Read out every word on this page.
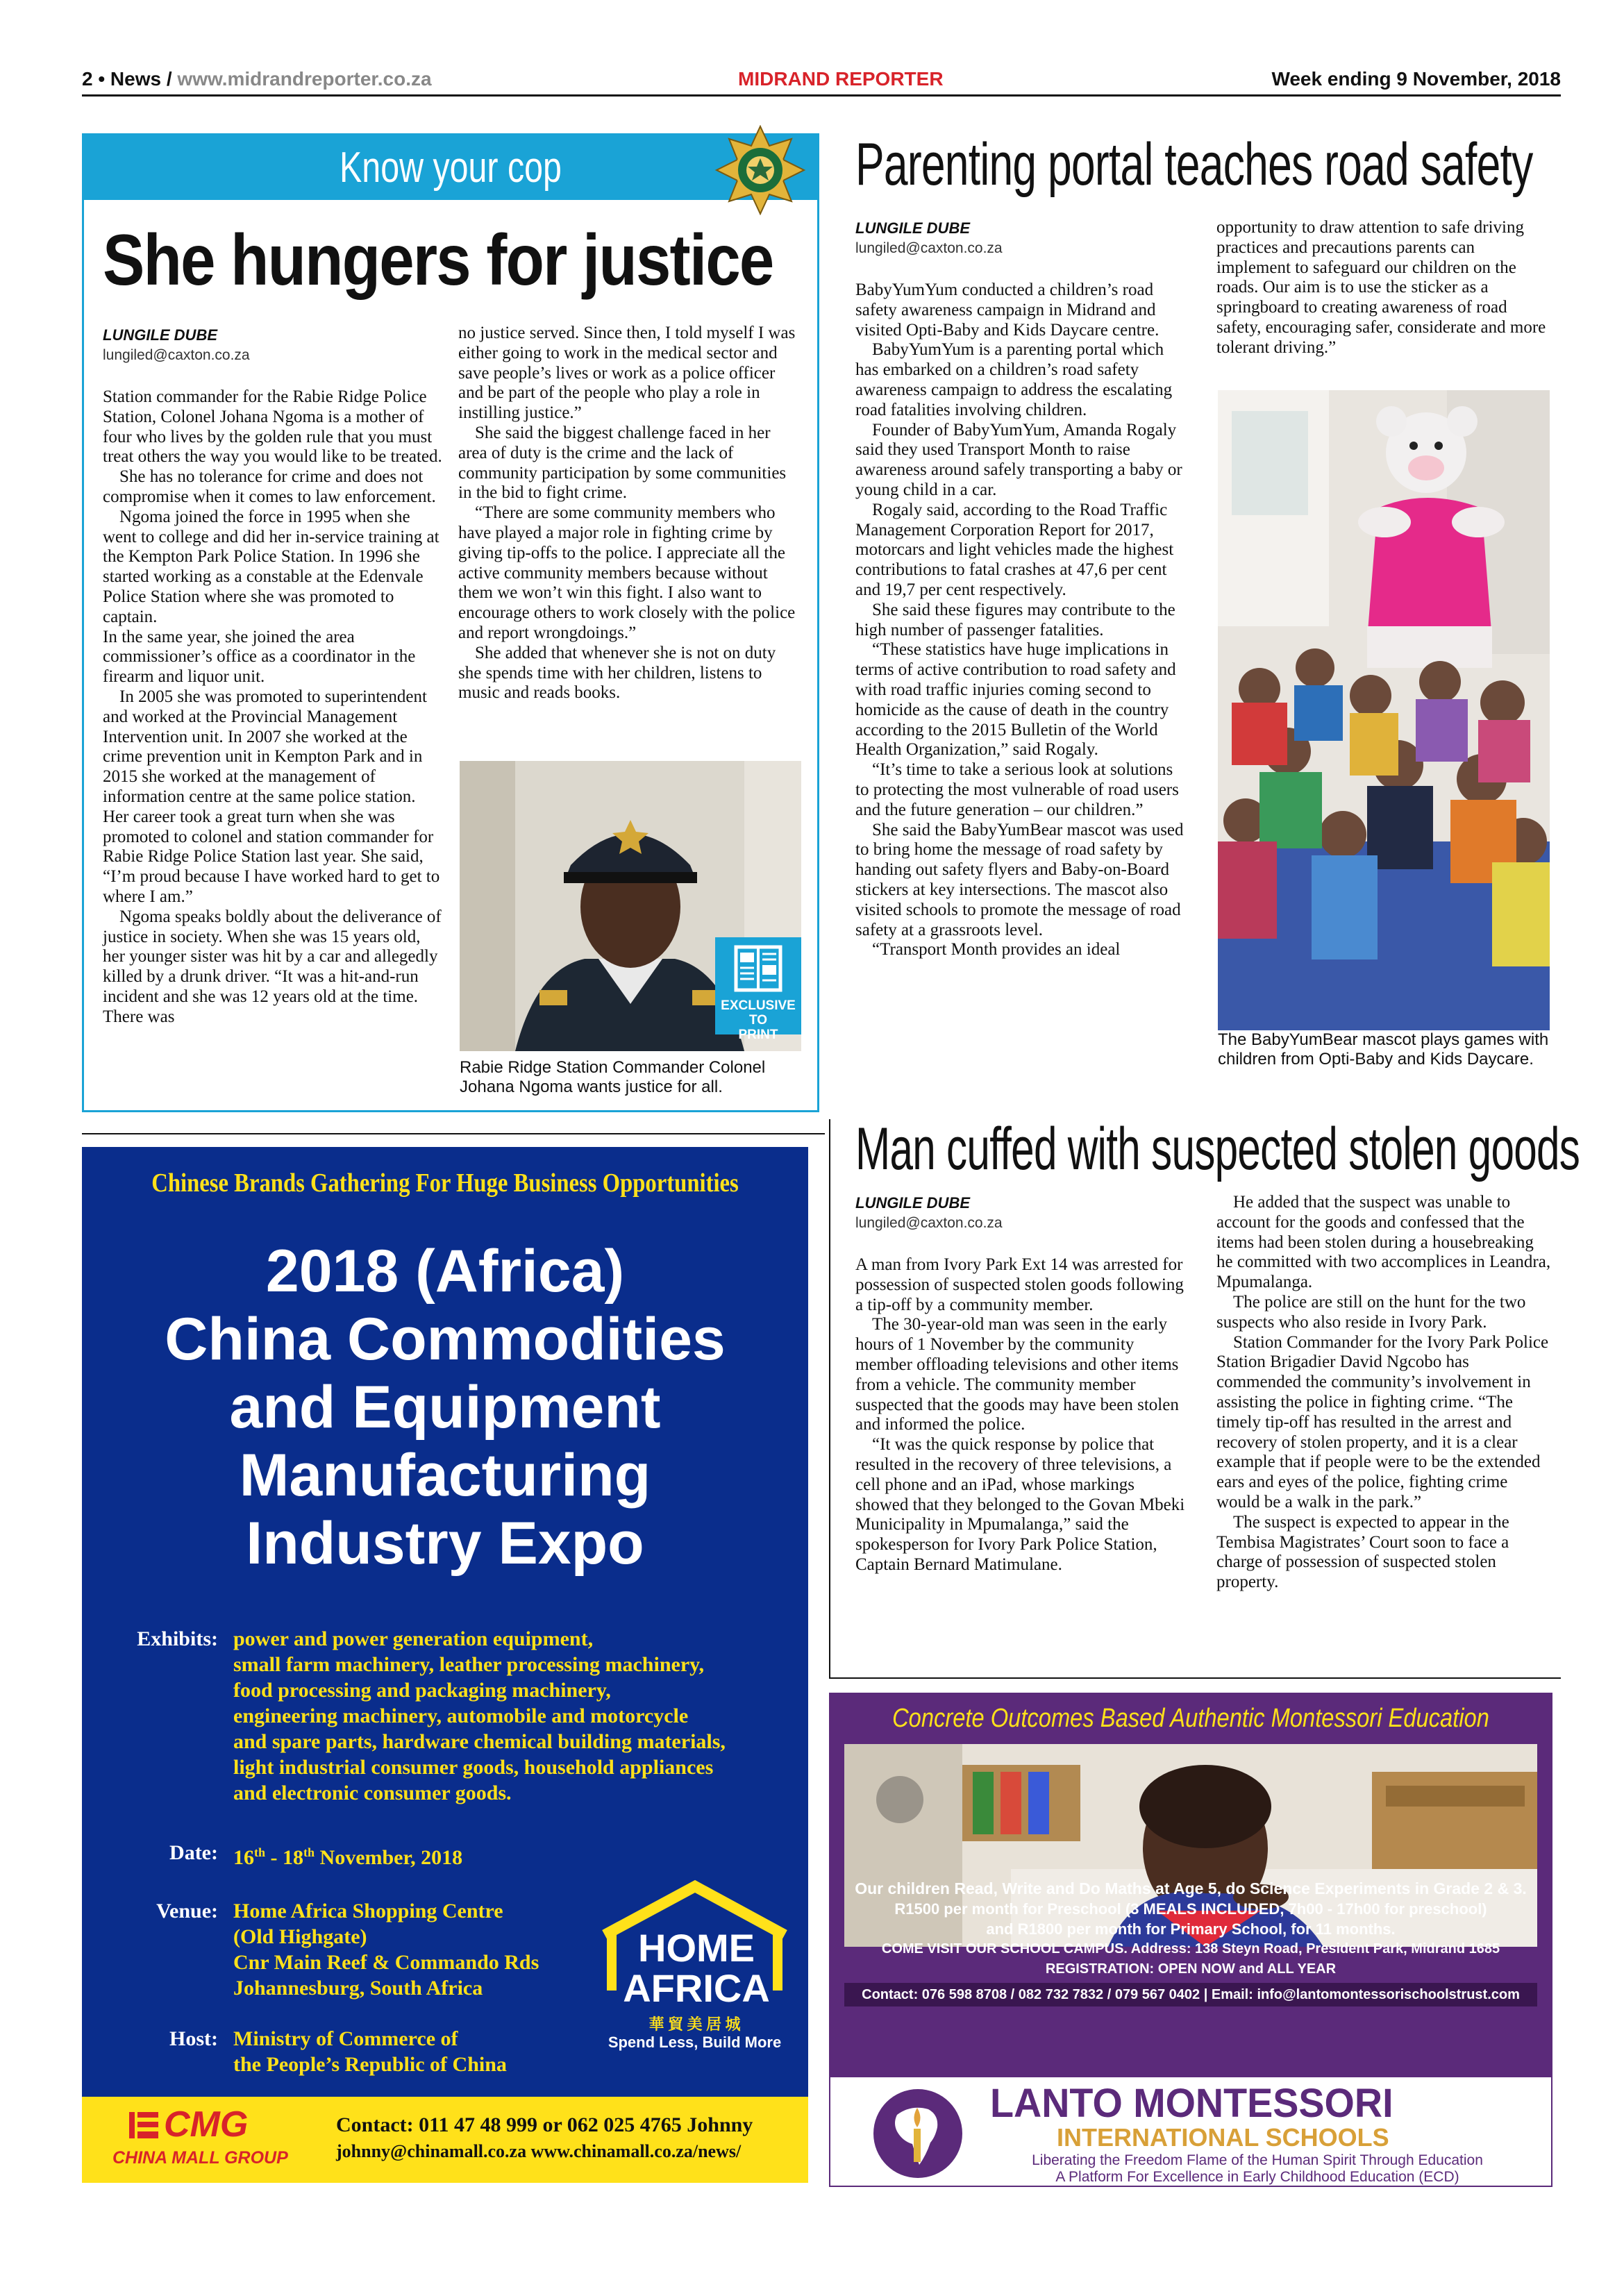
2 • News / www.midrandreporter.co.za	MIDRAND REPORTER	Week ending 9 November, 2018
Know your cop
She hungers for justice
LUNGILE DUBE
lungiled@caxton.co.za

Station commander for the Rabie Ridge Police Station, Colonel Johana Ngoma is a mother of four who lives by the golden rule that you must treat others the way you would like to be treated.

She has no tolerance for crime and does not compromise when it comes to law enforcement.

Ngoma joined the force in 1995 when she went to college and did her in-service training at the Kempton Park Police Station. In 1996 she started working as a constable at the Edenvale Police Station where she was promoted to captain.

In the same year, she joined the area commissioner’s office as a coordinator in the firearm and liquor unit.

In 2005 she was promoted to superintendent and worked at the Provincial Management Intervention unit. In 2007 she worked at the crime prevention unit in Kempton Park and in 2015 she worked at the management of information centre at the same police station. Her career took a great turn when she was promoted to colonel and station commander for Rabie Ridge Police Station last year. She said, “I’m proud because I have worked hard to get to where I am.”

Ngoma speaks boldly about the deliverance of justice in society. When she was 15 years old, her younger sister was hit by a car and allegedly killed by a drunk driver. “It was a hit-and-run incident and she was 12 years old at the time. There was

no justice served. Since then, I told myself I was either going to work in the medical sector and save people’s lives or work as a police officer and be part of the people who play a role in instilling justice.”

She said the biggest challenge faced in her area of duty is the crime and the lack of community participation by some communities in the bid to fight crime.

“There are some community members who have played a major role in fighting crime by giving tip-offs to the police. I appreciate all the active community members because without them we won’t win this fight. I also want to encourage others to work closely with the police and report wrongdoings.”

She added that whenever she is not on duty she spends time with her children, listens to music and reads books.

EXCLUSIVE TO
PRINT
Rabie Ridge Station Commander Colonel Johana Ngoma wants justice for all.
Parenting portal teaches road safety
LUNGILE DUBE
lungiled@caxton.co.za

BabyYumYum conducted a children’s road safety awareness campaign in Midrand and visited Opti-Baby and Kids Daycare centre.

BabyYumYum is a parenting portal which has embarked on a children’s road safety awareness campaign to address the escalating road fatalities involving children.

Founder of BabyYumYum, Amanda Rogaly said they used Transport Month to raise awareness around safely transporting a baby or young child in a car.

Rogaly said, according to the Road Traffic Management Corporation Report for 2017, motorcars and light vehicles made the highest contributions to fatal crashes at 47,6 per cent and 19,7 per cent respectively.

She said these figures may contribute to the high number of passenger fatalities.

“These statistics have huge implications in terms of active contribution to road safety and with road traffic injuries coming second to homicide as the cause of death in the country according to the 2015 Bulletin of the World Health Organization,” said Rogaly.

“It’s time to take a serious look at solutions to protecting the most vulnerable of road users and the future generation – our children.”

She said the BabyYumBear mascot was used to bring home the message of road safety by handing out safety flyers and Baby-on-Board stickers at key intersections. The mascot also visited schools to promote the message of road safety at a grassroots level.

“Transport Month provides an ideal

opportunity to draw attention to safe driving practices and precautions parents can implement to safeguard our children on the roads. Our aim is to use the sticker as a springboard to creating awareness of road safety, encouraging safer, considerate and more tolerant driving.”

The BabyYumBear mascot plays games with children from Opti-Baby and Kids Daycare.
Man cuffed with suspected stolen goods
LUNGILE DUBE
lungiled@caxton.co.za

A man from Ivory Park Ext 14 was arrested for possession of suspected stolen goods following a tip-off by a community member.

The 30-year-old man was seen in the early hours of 1 November by the community member offloading televisions and other items from a vehicle. The community member suspected that the goods may have been stolen and informed the police.

“It was the quick response by police that resulted in the recovery of three televisions, a cell phone and an iPad, whose markings showed that they belonged to the Govan Mbeki Municipality in Mpumalanga,” said the spokesperson for Ivory Park Police Station, Captain Bernard Matimulane.

He added that the suspect was unable to account for the goods and confessed that the items had been stolen during a housebreaking he committed with two accomplices in Leandra, Mpumalanga.

The police are still on the hunt for the two suspects who also reside in Ivory Park.

Station Commander for the Ivory Park Police Station Brigadier David Ngcobo has commended the community’s involvement in assisting the police in fighting crime. “The timely tip-off has resulted in the arrest and recovery of stolen property, and it is a clear example that if people were to be the extended ears and eyes of the police, fighting crime would be a walk in the park.”

The suspect is expected to appear in the Tembisa Magistrates’ Court soon to face a charge of possession of suspected stolen property.

Chinese Brands Gathering For Huge Business Opportunities
2018 (Africa)
China Commodities
and Equipment
Manufacturing
Industry Expo
Exhibits: power and power generation equipment,
small farm machinery, leather processing machinery,
food processing and packaging machinery,
engineering machinery, automobile and motorcycle
and spare parts, hardware chemical building materials,
light industrial consumer goods, household appliances
and electronic consumer goods.
Date: 16th - 18th November, 2018
Venue: Home Africa Shopping Centre
(Old Highgate)
Cnr Main Reef & Commando Rds
Johannesburg, South Africa
Host: Ministry of Commerce of
the People’s Republic of China
HOME
AFRICA
華 貿 美 居 城
Spend Less, Build More
CMG
CHINA MALL GROUP
Contact: 011 47 48 999 or 062 025 4765 Johnny
johnny@chinamall.co.za www.chinamall.co.za/news/
Concrete Outcomes Based Authentic Montessori Education
Our children Read, Write and Do Maths at Age 5, do Science Experiments in Grade 2 & 3.
R1500 per month for Preschool (3 MEALS INCLUDED, 7h00 - 17h00 for preschool)
and R1800 per month for Primary School, for 11 months.
COME VISIT OUR SCHOOL CAMPUS. Address: 138 Steyn Road, President Park, Midrand 1685
REGISTRATION: OPEN NOW and ALL YEAR
Contact: 076 598 8708 / 082 732 7832 / 079 567 0402 | Email: info@lantomontessorischoolstrust.com
LANTO MONTESSORI
INTERNATIONAL SCHOOLS
Liberating the Freedom Flame of the Human Spirit Through Education
A Platform For Excellence in Early Childhood Education (ECD)
